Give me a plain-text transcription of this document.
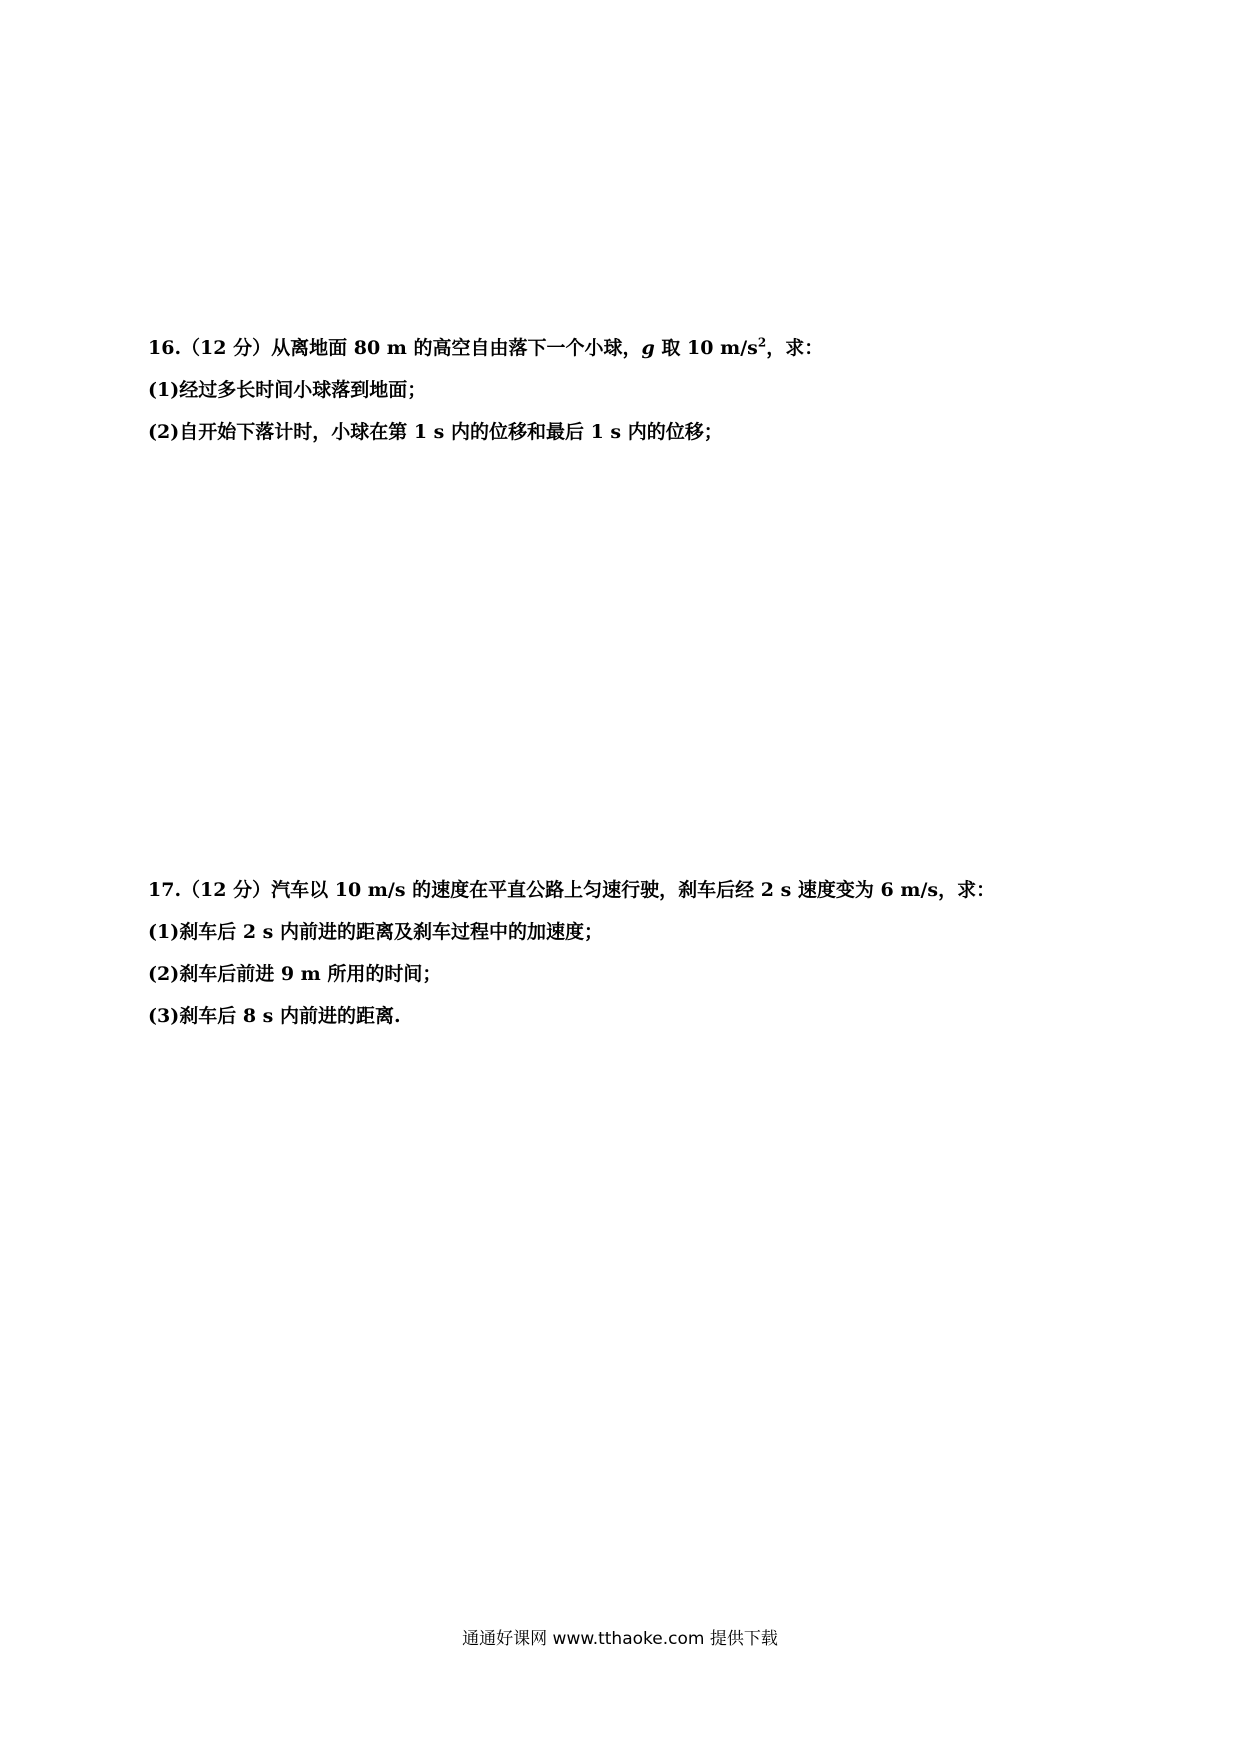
16.（12 分）从离地面 80 m 的高空自由落下一个小球，g 取 10 $m/s^2$，求：

(1)经过多长时间小球落到地面；

(2)自开始下落计时，小球在第 1 s 内的位移和最后 1 s 内的位移；

17.（12 分）汽车以 10 m/s 的速度在平直公路上匀速行驶，刹车后经 2 s 速度变为 6 m/s，求：

(1)刹车后 2 s 内前进的距离及刹车过程中的加速度；

(2)刹车后前进 9 m 所用的时间；

(3)刹车后 8 s 内前进的距离.

通通好课网 www.tthaoke.com 提供下载
